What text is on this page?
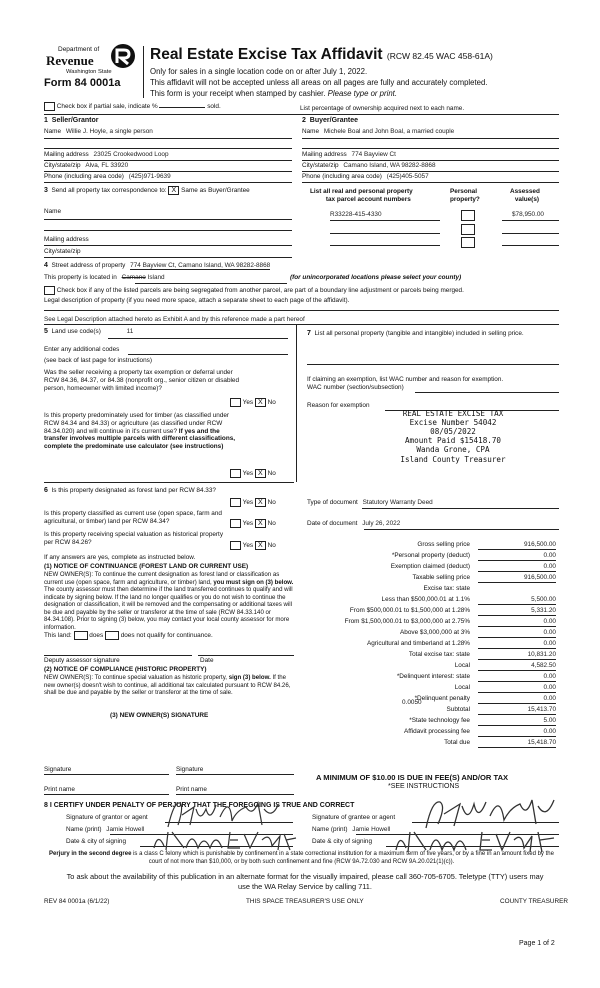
Department of
Revenue
Washington State
Form 84 0001a
Real Estate Excise Tax Affidavit (RCW 82.45 WAC 458-61A)
Only for sales in a single location code on or after July 1, 2022.
This affidavit will not be accepted unless all areas on all pages are fully and accurately completed.
This form is your receipt when stamped by cashier. Please type or print.
Check box if partial sale, indicate %	sold.	List percentage of ownership acquired next to each name.
1 Seller/Grantor	2 Buyer/Grantee
Name Willie J. Hoyle, a single person	Name Michele Boal and John Boal, a married couple
Mailing address 23025 Crookedwood Loop
City/state/zip Alva, FL 33920
Phone (including area code) (425)971-9639
Mailing address 774 Bayview Ct
City/state/zip Camano Island, WA 98282-8868
Phone (including area code) (425)405-5057
3 Send all property tax correspondence to: X Same as Buyer/Grantee
Name
Mailing address
City/state/zip
List all real and personal property
tax parcel account numbers
Personal
property?
Assessed
value(s)
R33228-415-4330	$78,950.00
4 Street address of property 774 Bayview Ct, Camano Island, WA 98282-8868
This property is located in Camano Island	(for unincorporated locations please select your county)
Check box if any of the listed parcels are being segregated from another parcel, are part of a boundary line adjustment or parcels being merged.
Legal description of property (if you need more space, attach a separate sheet to each page of the affidavit).
See Legal Description attached hereto as Exhibit A and by this reference made a part hereof
5 Land use code(s)	11
Enter any additional codes
(see back of last page for instructions)
Was the seller receiving a property tax exemption or deferral under RCW 84.36, 84.37, or 84.38 (nonprofit org., senior citizen or disabled person, homeowner with limited income)?
Yes X No
Is this property predominately used for timber (as classified under RCW 84.34 and 84.33) or agriculture (as classified under RCW 84.34.020) and will continue in it's current use? If yes and the transfer involves multiple parcels with different classifications, complete the predominate use calculator (see instructions)
Yes X No
7 List all personal property (tangible and intangible) included in selling price.
If claiming an exemption, list WAC number and reason for exemption.
WAC number (section/subsection)
Reason for exemption
REAL ESTATE EXCISE TAX
Excise Number 54042
08/05/2022
Amount Paid $15418.70
Wanda Grone, CPA
Island County Treasurer
6 Is this property designated as forest land per RCW 84.33?
Yes X No
Is this property classified as current use (open space, farm and agricultural, or timber) land per RCW 84.34?	Yes X No
Is this property receiving special valuation as historical property per RCW 84.26?	Yes X No
If any answers are yes, complete as instructed below.
(1) NOTICE OF CONTINUANCE (FOREST LAND OR CURRENT USE)
NEW OWNER(S): To continue the current designation as forest land or classification as current use (open space, farm and agriculture, or timber) land, you must sign on (3) below. The county assessor must then determine if the land transferred continues to qualify and will indicate by signing below. If the land no longer qualifies or you do not wish to continue the designation or classification, it will be removed and the compensating or additional taxes will be due and payable by the seller or transferor at the time of sale (RCW 84.33.140 or 84.34.108). Prior to signing (3) below, you may contact your local county assessor for more information.
This land:	does	does not qualify for continuance.
Deputy assessor signature	Date
(2) NOTICE OF COMPLIANCE (HISTORIC PROPERTY)
NEW OWNER(S): To continue special valuation as historic property, sign (3) below. If the new owner(s) doesn't wish to continue, all additional tax calculated pursuant to RCW 84.26, shall be due and payable by the seller or transferor at the time of sale.
(3) NEW OWNER(S) SIGNATURE
Signature	Signature
Print name	Print name
Type of document Statutory Warranty Deed
Date of document July 26, 2022
Gross selling price	916,500.00
*Personal property (deduct)	0.00
Exemption claimed (deduct)	0.00
Taxable selling price	916,500.00
Excise tax: state
Less than $500,000.01 at 1.1%	5,500.00
From $500,000.01 to $1,500,000 at 1.28%	5,331.20
From $1,500,000.01 to $3,000,000 at 2.75%	0.00
Above $3,000,000 at 3%	0.00
Agricultural and timberland at 1.28%	0.00
Total excise tax: state	10,831.20
Local	4,582.50
*Delinquent interest: state	0.00
Local	0.00
*Delinquent penalty	0.00
Subtotal	15,413.70
*State technology fee	5.00
Affidavit processing fee	0.00
Total due	15,418.70
0.0050
A MINIMUM OF $10.00 IS DUE IN FEE(S) AND/OR TAX
*SEE INSTRUCTIONS
8 I CERTIFY UNDER PENALTY OF PERJURY THAT THE FOREGOING IS TRUE AND CORRECT
Signature of grantor or agent
Name (print) Jamie Howell
Date & city of signing
Signature of grantee or agent
Name (print) Jamie Howell
Date & city of signing
Perjury in the second degree is a class C felony which is punishable by confinement in a state correctional institution for a maximum term of five years, or by a fine in an amount fixed by the court of not more than $10,000, or by both such confinement and fine (RCW 9A.72.030 and RCW 9A.20.021(1)(c)).
To ask about the availability of this publication in an alternate format for the visually impaired, please call 360-705-6705. Teletype (TTY) users may use the WA Relay Service by calling 711.
REV 84 0001a (6/1/22)	THIS SPACE TREASURER'S USE ONLY	COUNTY TREASURER
Page 1 of 2
